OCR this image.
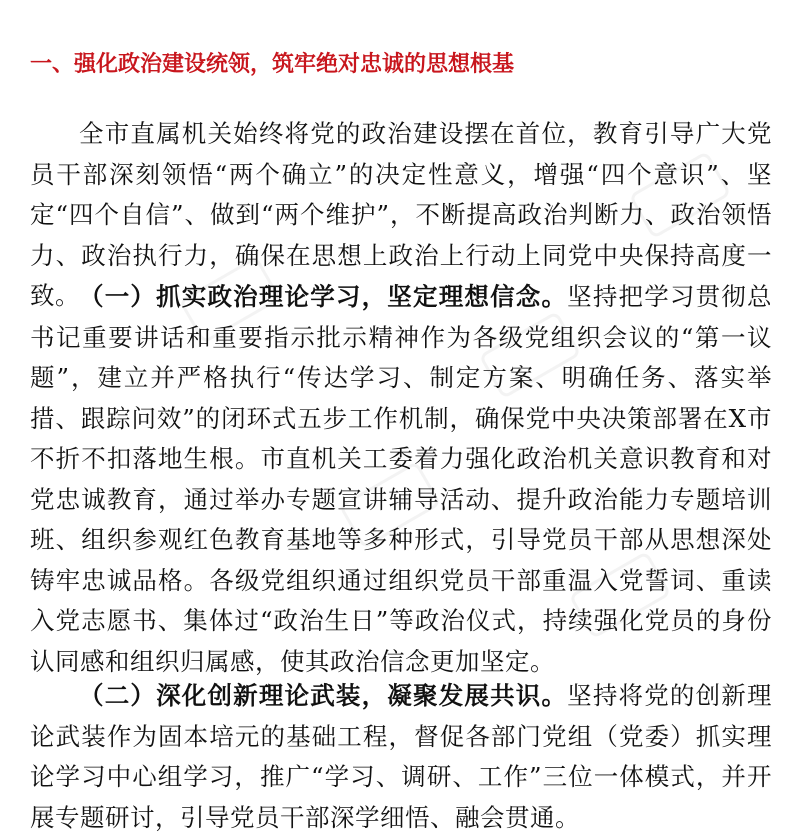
一、强化政治建设统领，筑牢绝对忠诚的思想根基

全市直属机关始终将党的政治建设摆在首位，教育引导广大党员干部深刻领悟“两个确立”的决定性意义，增强“四个意识”、坚定“四个自信”、做到“两个维护”，不断提高政治判断力、政治领悟力、政治执行力，确保在思想上政治上行动上同党中央保持高度一致。 （一）抓实政治理论学习，坚定理想信念。坚持把学习贯彻总书记重要讲话和重要指示批示精神作为各级党组织会议的“第一议题”，建立并严格执行“传达学习、制定方案、明确任务、落实举措、跟踪问效”的闭环式五步工作机制，确保党中央决策部署在X市不折不扣落地生根。市直机关工委着力强化政治机关意识教育和对党忠诚教育，通过举办专题宣讲辅导活动、提升政治能力专题培训班、组织参观红色教育基地等多种形式，引导党员干部从思想深处铸牢忠诚品格。各级党组织通过组织党员干部重温入党誓词、重读入党志愿书、集体过“政治生日”等政治仪式，持续强化党员的身份认同感和组织归属感，使其政治信念更加坚定。

（二）深化创新理论武装，凝聚发展共识。坚持将党的创新理论武装作为固本培元的基础工程，督促各部门党组（党委）抓实理论学习中心组学习，推广“学习、调研、工作”三位一体模式，并开展专题研讨，引导党员干部深学细悟、融会贯通。
